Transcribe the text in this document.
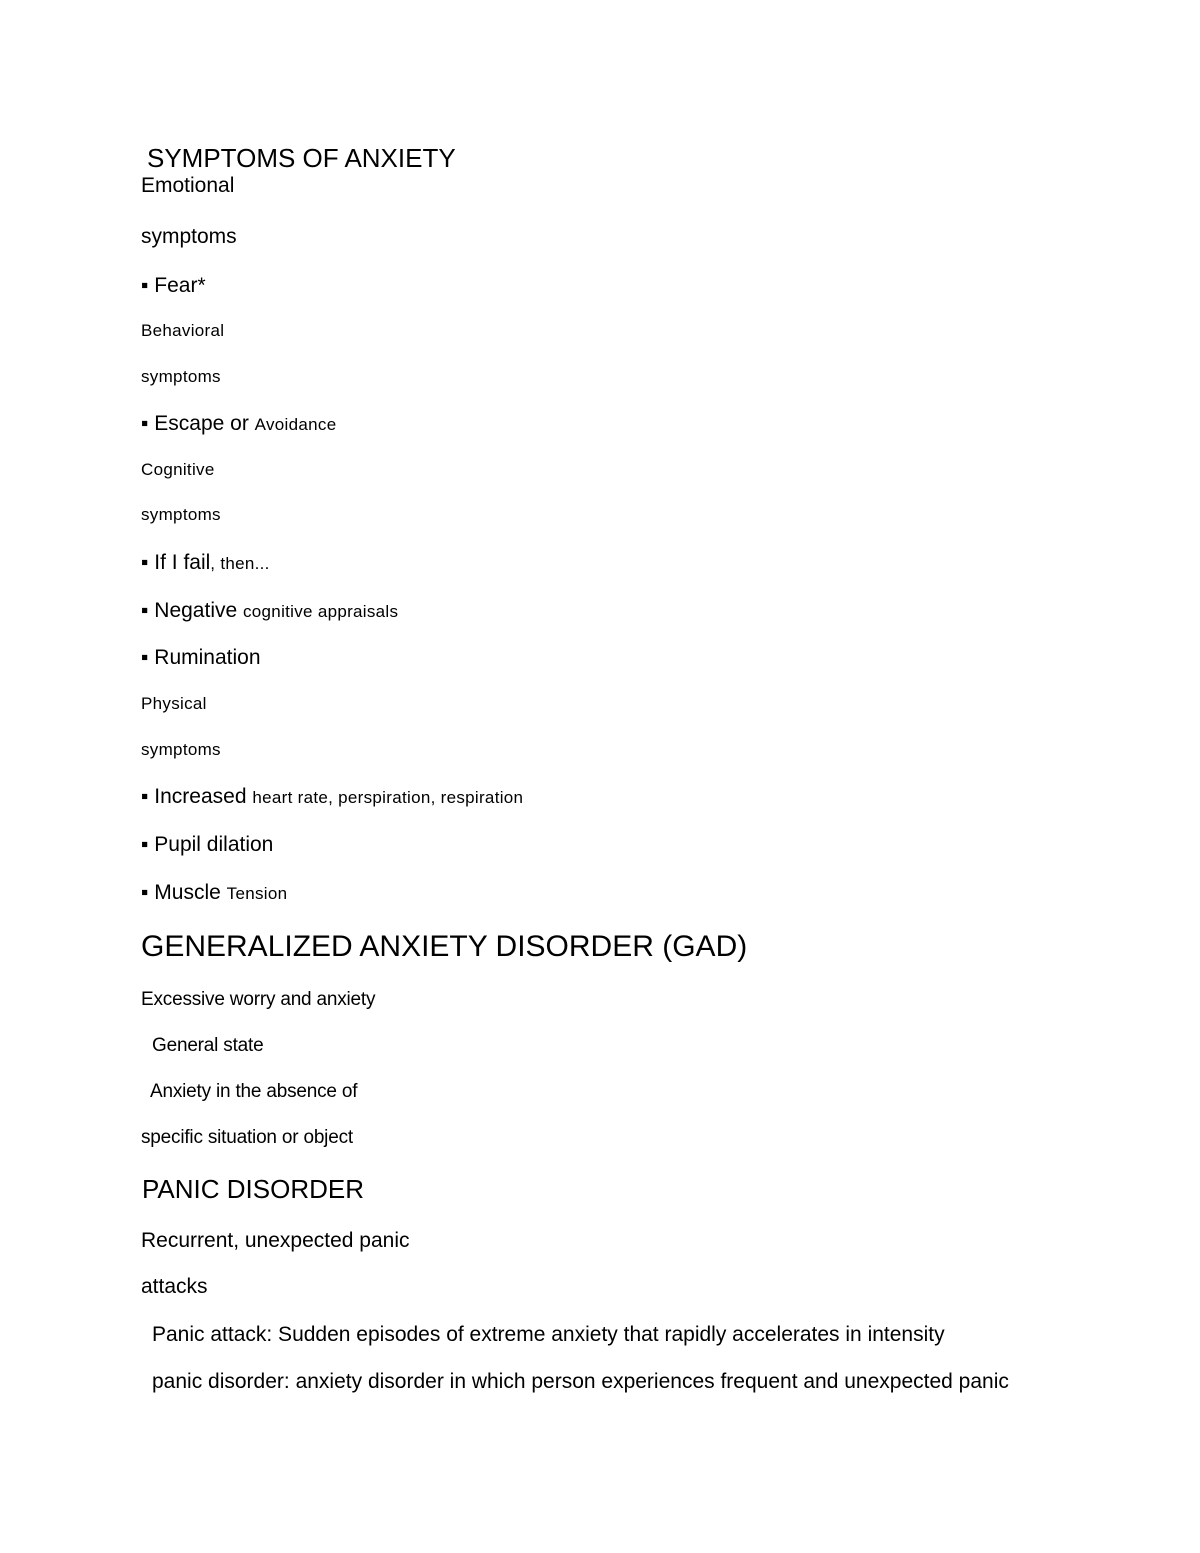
SYMPTOMS OF ANXIETY
Emotional
symptoms
▪ Fear*
Behavioral
symptoms
▪ Escape or Avoidance
Cognitive
symptoms
▪ If I fail, then...
▪ Negative cognitive appraisals
▪ Rumination
Physical
symptoms
▪ Increased heart rate, perspiration, respiration
▪ Pupil dilation
▪ Muscle Tension
GENERALIZED ANXIETY DISORDER (GAD)
Excessive worry and anxiety
General state
Anxiety in the absence of
specific situation or object
PANIC DISORDER
Recurrent, unexpected panic
attacks
Panic attack: Sudden episodes of extreme anxiety that rapidly accelerates in intensity
panic disorder: anxiety disorder in which person experiences frequent and unexpected panic
